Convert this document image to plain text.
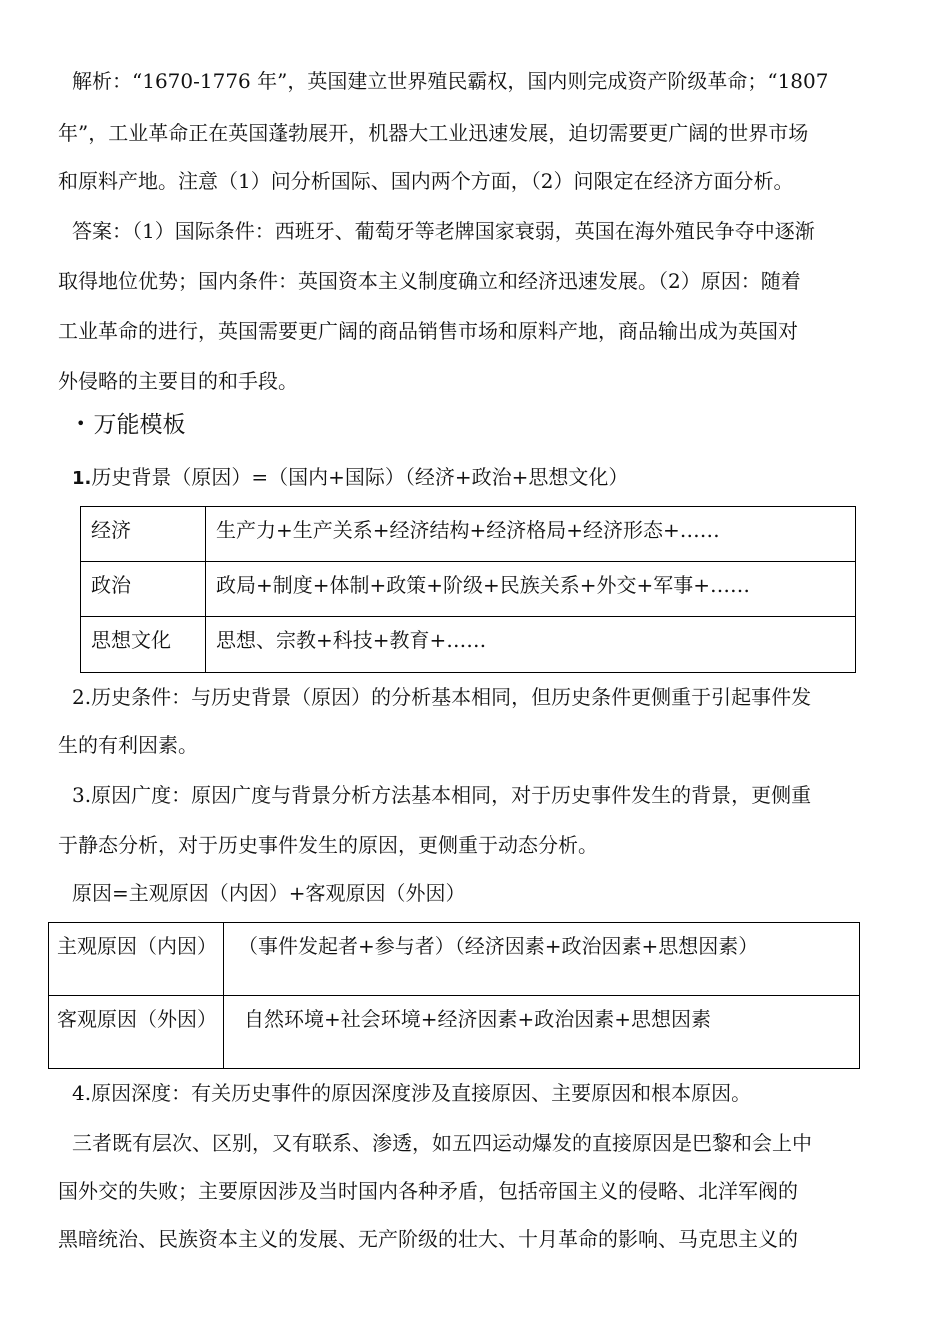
解析：“1670-1776 年”，英国建立世界殖民霸权，国内则完成资产阶级革命；“1807
年”，工业革命正在英国蓬勃展开，机器大工业迅速发展，迫切需要更广阔的世界市场
和原料产地。注意（1）问分析国际、国内两个方面，（2）问限定在经济方面分析。
答案：（1）国际条件：西班牙、葡萄牙等老牌国家衰弱，英国在海外殖民争夺中逐渐
取得地位优势；国内条件：英国资本主义制度确立和经济迅速发展。（2）原因：随着
工业革命的进行，英国需要更广阔的商品销售市场和原料产地，商品输出成为英国对
外侵略的主要目的和手段。
• 万能模板
1.历史背景（原因）=（国内+国际）（经济+政治+思想文化）
经济	生产力+生产关系+经济结构+经济格局+经济形态+……
政治	政局+制度+体制+政策+阶级+民族关系+外交+军事+……
思想文化	思想、宗教+科技+教育+……
2.历史条件：与历史背景（原因）的分析基本相同，但历史条件更侧重于引起事件发
生的有利因素。
3.原因广度：原因广度与背景分析方法基本相同，对于历史事件发生的背景，更侧重
于静态分析，对于历史事件发生的原因，更侧重于动态分析。
原因=主观原因（内因）+客观原因（外因）
主观原因（内因）	（事件发起者+参与者）（经济因素+政治因素+思想因素）
客观原因（外因）	自然环境+社会环境+经济因素+政治因素+思想因素
4.原因深度：有关历史事件的原因深度涉及直接原因、主要原因和根本原因。
三者既有层次、区别，又有联系、渗透，如五四运动爆发的直接原因是巴黎和会上中
国外交的失败；主要原因涉及当时国内各种矛盾，包括帝国主义的侵略、北洋军阀的
黑暗统治、民族资本主义的发展、无产阶级的壮大、十月革命的影响、马克思主义的
